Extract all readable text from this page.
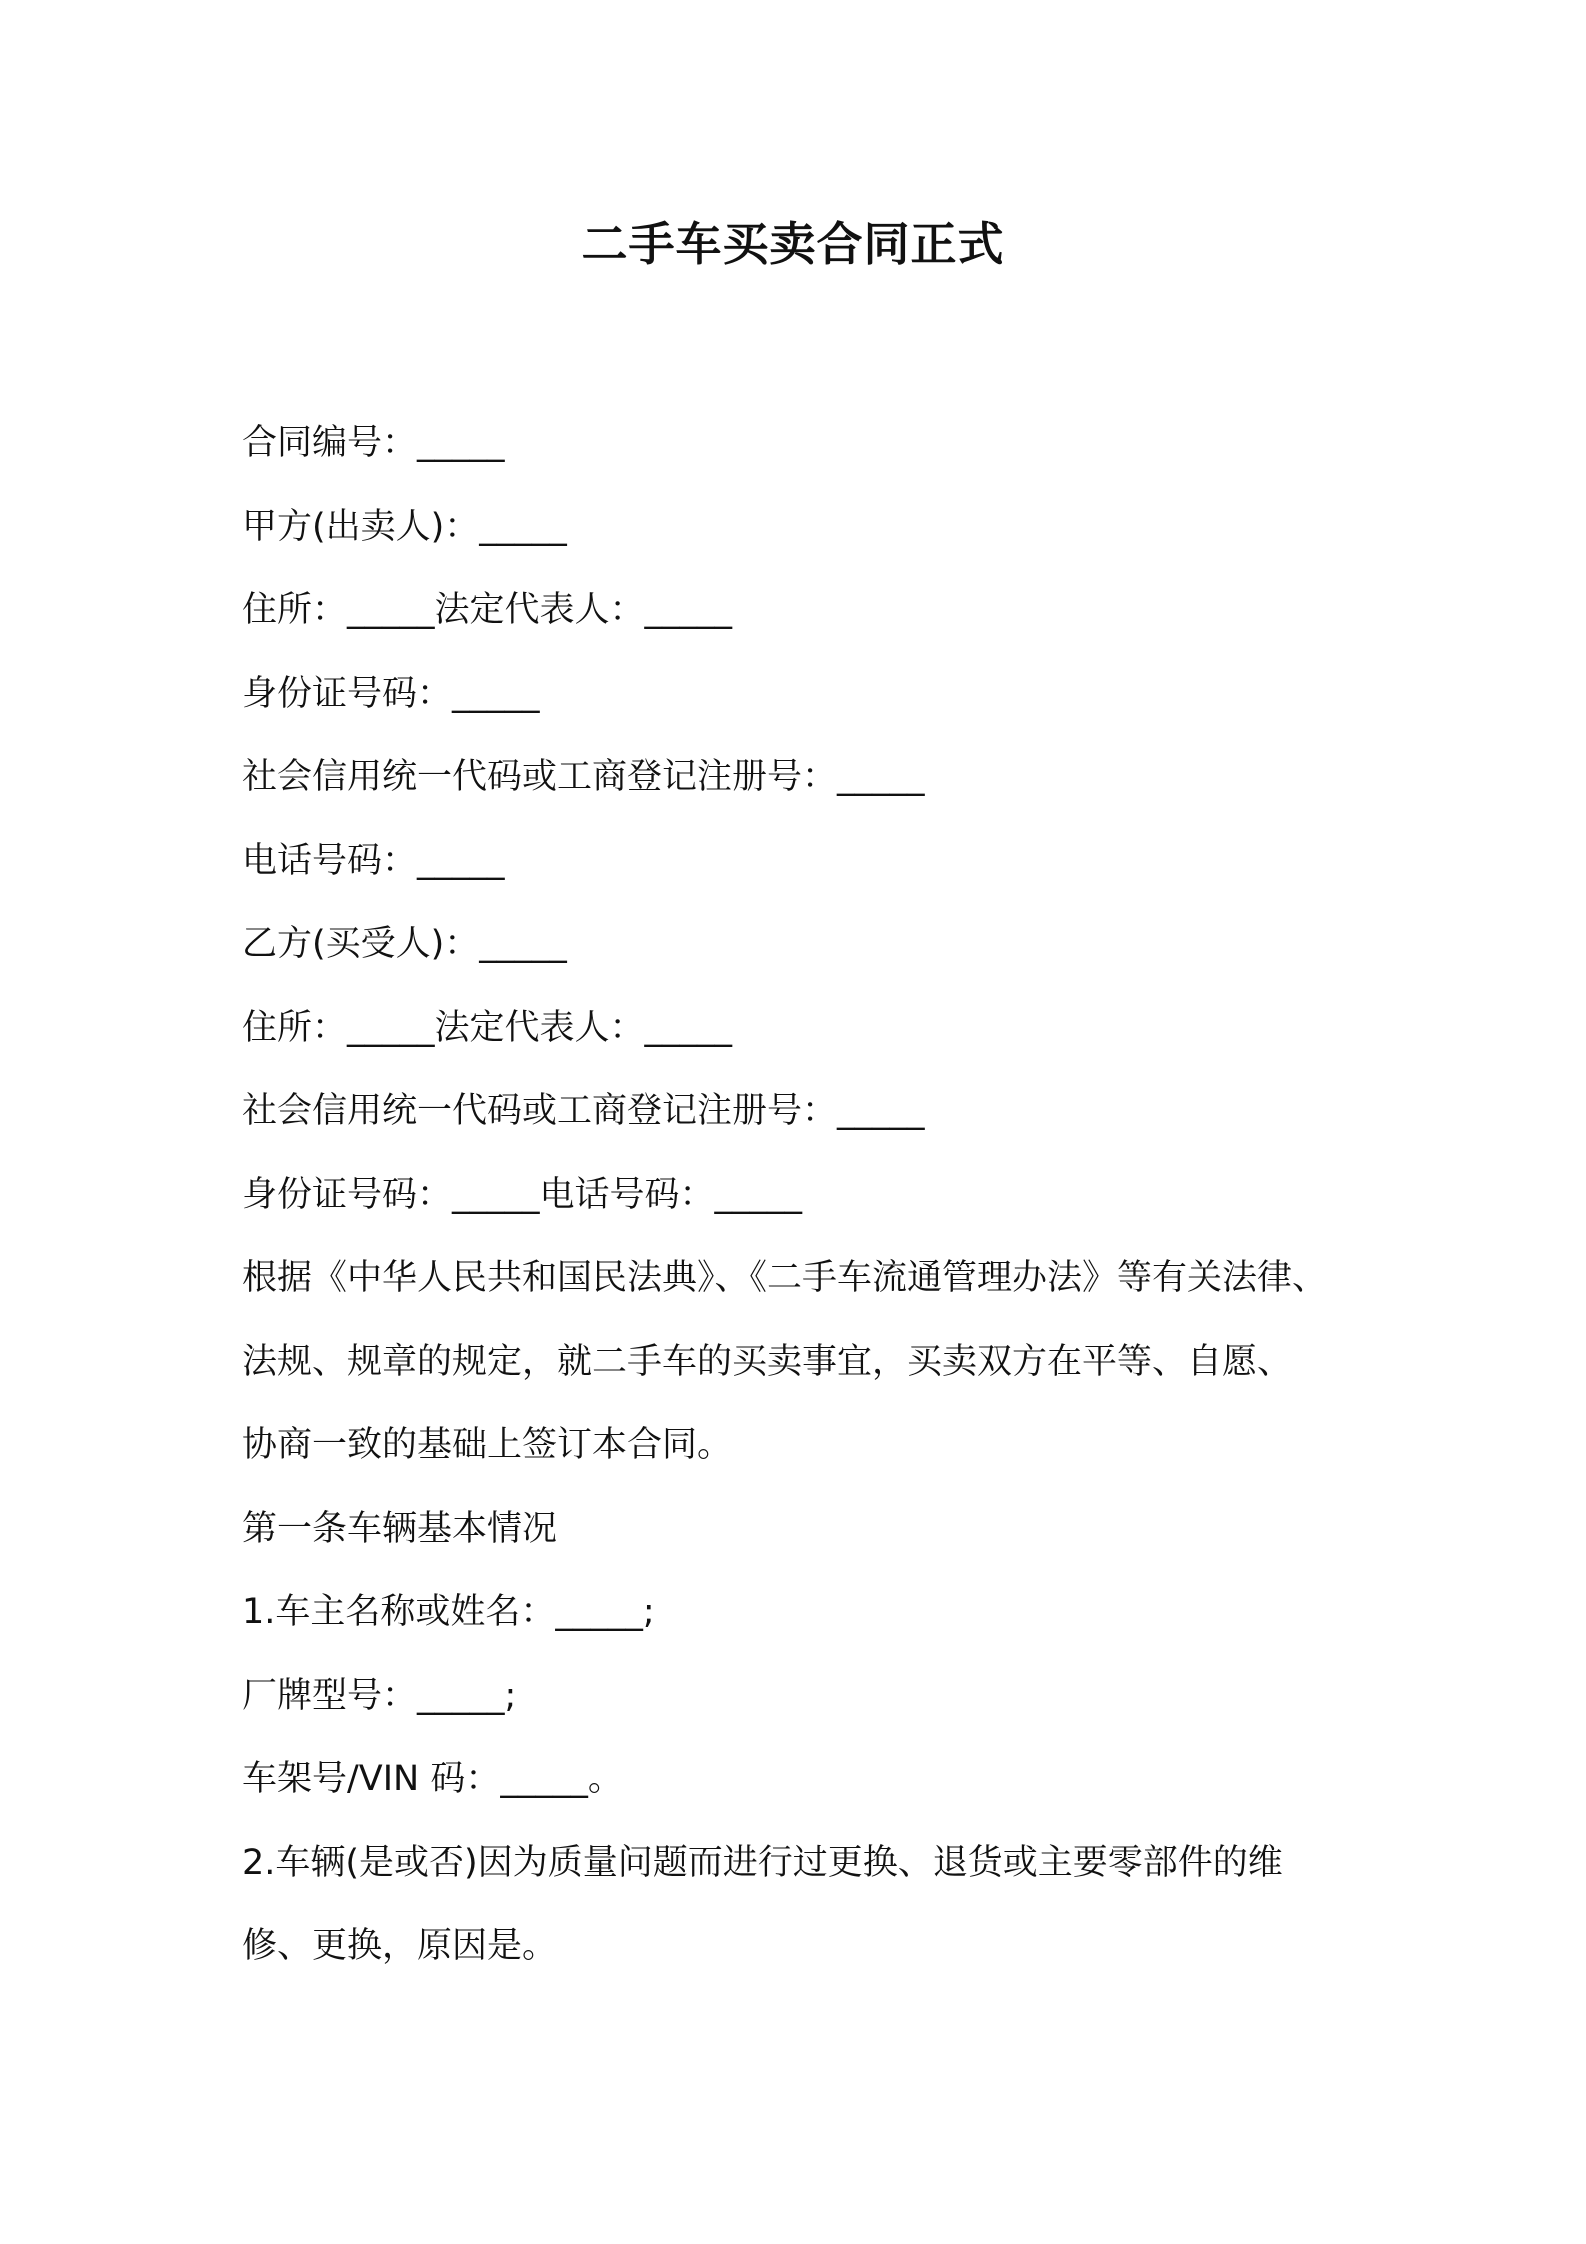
二手车买卖合同正式

合同编号：_____

甲方(出卖人)：_____

住所：_____法定代表人：_____

身份证号码：_____

社会信用统一代码或工商登记注册号：_____

电话号码：_____

乙方(买受人)：_____

住所：_____法定代表人：_____

社会信用统一代码或工商登记注册号：_____

身份证号码：_____电话号码：_____

根据《中华人民共和国民法典》、《二手车流通管理办法》等有关法律、

法规、规章的规定，就二手车的买卖事宜，买卖双方在平等、自愿、

协商一致的基础上签订本合同。

第一条车辆基本情况

1.车主名称或姓名：_____;

厂牌型号：_____;

车架号/VIN 码：_____。

2.车辆(是或否)因为质量问题而进行过更换、退货或主要零部件的维

修、更换，原因是。
